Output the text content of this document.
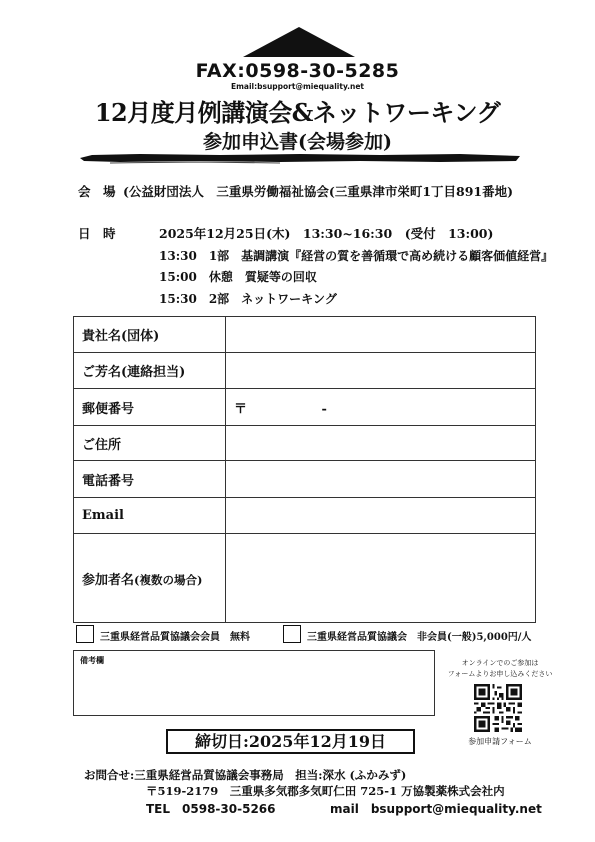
FAX:0598-30-5285
Email:bsupport@miequality.net
12月度月例講演会&ネットワーキング
参加申込書(会場参加)
会　場 (公益財団法人　三重県労働福祉協会(三重県津市栄町1丁目891番地)
日　時	2025年12月25日(木)　13:30~16:30　(受付　13:00)
13:30　1部　基調講演『経営の質を善循環で高め続ける顧客価値経営』
15:00　休憩　質疑等の回収
15:30　2部　ネットワーキング
貴社名(団体)	
ご芳名(連絡担当)	
郵便番号	〒 -
ご住所	
電話番号	
Email	
参加者名(複数の場合)	
三重県経営品質協議会会員　無料	三重県経営品質協議会　非会員(一般)5,000円/人
備考欄	オンラインでのご参加は
フォームよりお申し込みください
参加申請フォーム
締切日:2025年12月19日
お問合せ:三重県経営品質協議会事務局　担当:深水 (ふかみず)
〒519-2179　三重県多気郡多気町仁田 725-1 万協製薬株式会社内
TEL　0598-30-5266	mail　bsupport@miequality.net
